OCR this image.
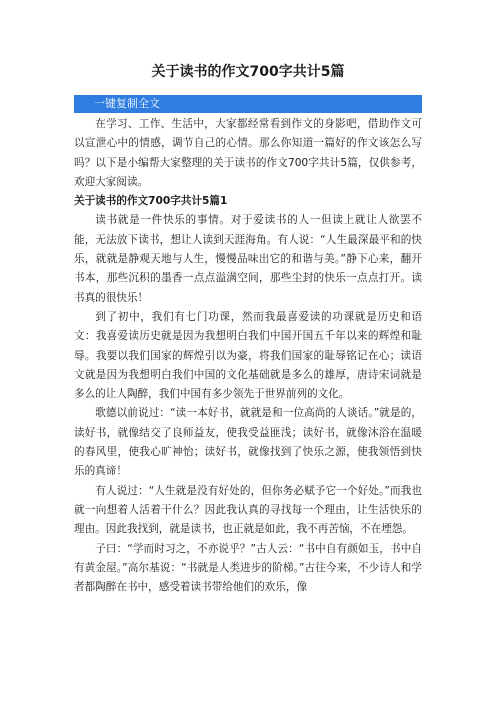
关于读书的作文700字共计5篇
一键复制全文

在学习、工作、生活中，大家都经常看到作文的身影吧，借助作文可以宣泄心中的情感，调节自己的心情。那么你知道一篇好的作文该怎么写吗？以下是小编帮大家整理的关于读书的作文700字共计5篇，仅供参考，欢迎大家阅读。

关于读书的作文700字共计5篇1

读书就是一件快乐的事情。对于爱读书的人一但读上就让人欲罢不能，无法放下读书，想让人读到天涯海角。有人说：“人生最深最平和的快乐，就就是静观天地与人生，慢慢品味出它的和谐与美。”静下心来，翻开书本，那些沉积的墨香一点点溢满空间，那些尘封的快乐一点点打开。读书真的很快乐！

到了初中，我们有七门功课，然而我最喜爱读的功课就是历史和语文：我喜爱读历史就是因为我想明白我们中国开国五千年以来的辉煌和耻辱。我要以我们国家的辉煌引以为豪，将我们国家的耻辱铭记在心；读语文就是因为我想明白我们中国的文化基础就是多么的雄厚，唐诗宋词就是多么的让人陶醉，我们中国有多少领先于世界前列的文化。

歌德以前说过：“读一本好书，就就是和一位高尚的人谈话。”就是的，读好书，就像结交了良师益友，使我受益匪浅；读好书，就像沐浴在温暖的春风里，使我心旷神怡；读好书，就像找到了快乐之源，使我领悟到快乐的真谛！

有人说过：“人生就是没有好处的，但你务必赋予它一个好处。”而我也就一向想着人活着干什么？因此我认真的寻找每一个理由，让生活快乐的理由。因此我找到，就是读书，也正就是如此，我不再苦恼，不在堙怨。

子曰：“学而时习之，不亦说乎？”古人云：“书中自有颜如玉，书中自有黄金屋。”高尔基说：“书就是人类进步的阶梯。”古往今来，不少诗人和学者都陶醉在书中，感受着读书带给他们的欢乐，像
